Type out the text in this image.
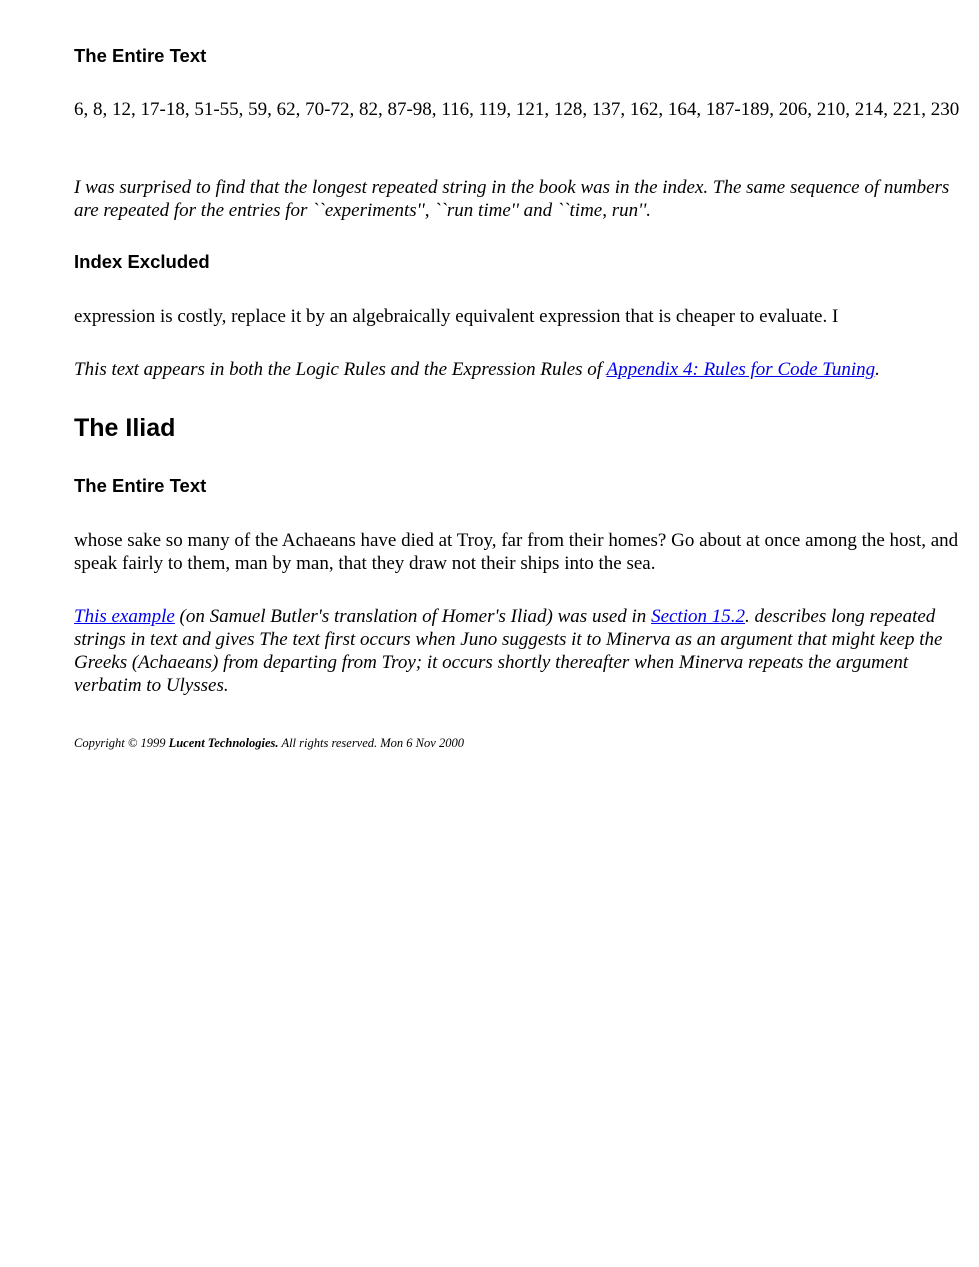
The Entire Text

6, 8, 12, 17-18, 51-55, 59, 62, 70-72, 82, 87-98, 116, 119, 121, 128, 137, 162, 164, 187-189, 206, 210, 214, 221, 230

I was surprised to find that the longest repeated string in the book was in the index. The same sequence of numbers are repeated for the entries for ``experiments'', ``run time'' and ``time, run''.

Index Excluded

expression is costly, replace it by an algebraically equivalent expression that is cheaper to evaluate. I

This text appears in both the Logic Rules and the Expression Rules of Appendix 4: Rules for Code Tuning.

The Iliad
The Entire Text

whose sake so many of the Achaeans have died at Troy, far from their homes? Go about at once among the host, and speak fairly to them, man by man, that they draw not their ships into the sea.

This example (on Samuel Butler's translation of Homer's Iliad) was used in Section 15.2. describes long repeated strings in text and gives The text first occurs when Juno suggests it to Minerva as an argument that might keep the Greeks (Achaeans) from departing from Troy; it occurs shortly thereafter when Minerva repeats the argument verbatim to Ulysses.

Copyright © 1999 Lucent Technologies. All rights reserved. Mon 6 Nov 2000
